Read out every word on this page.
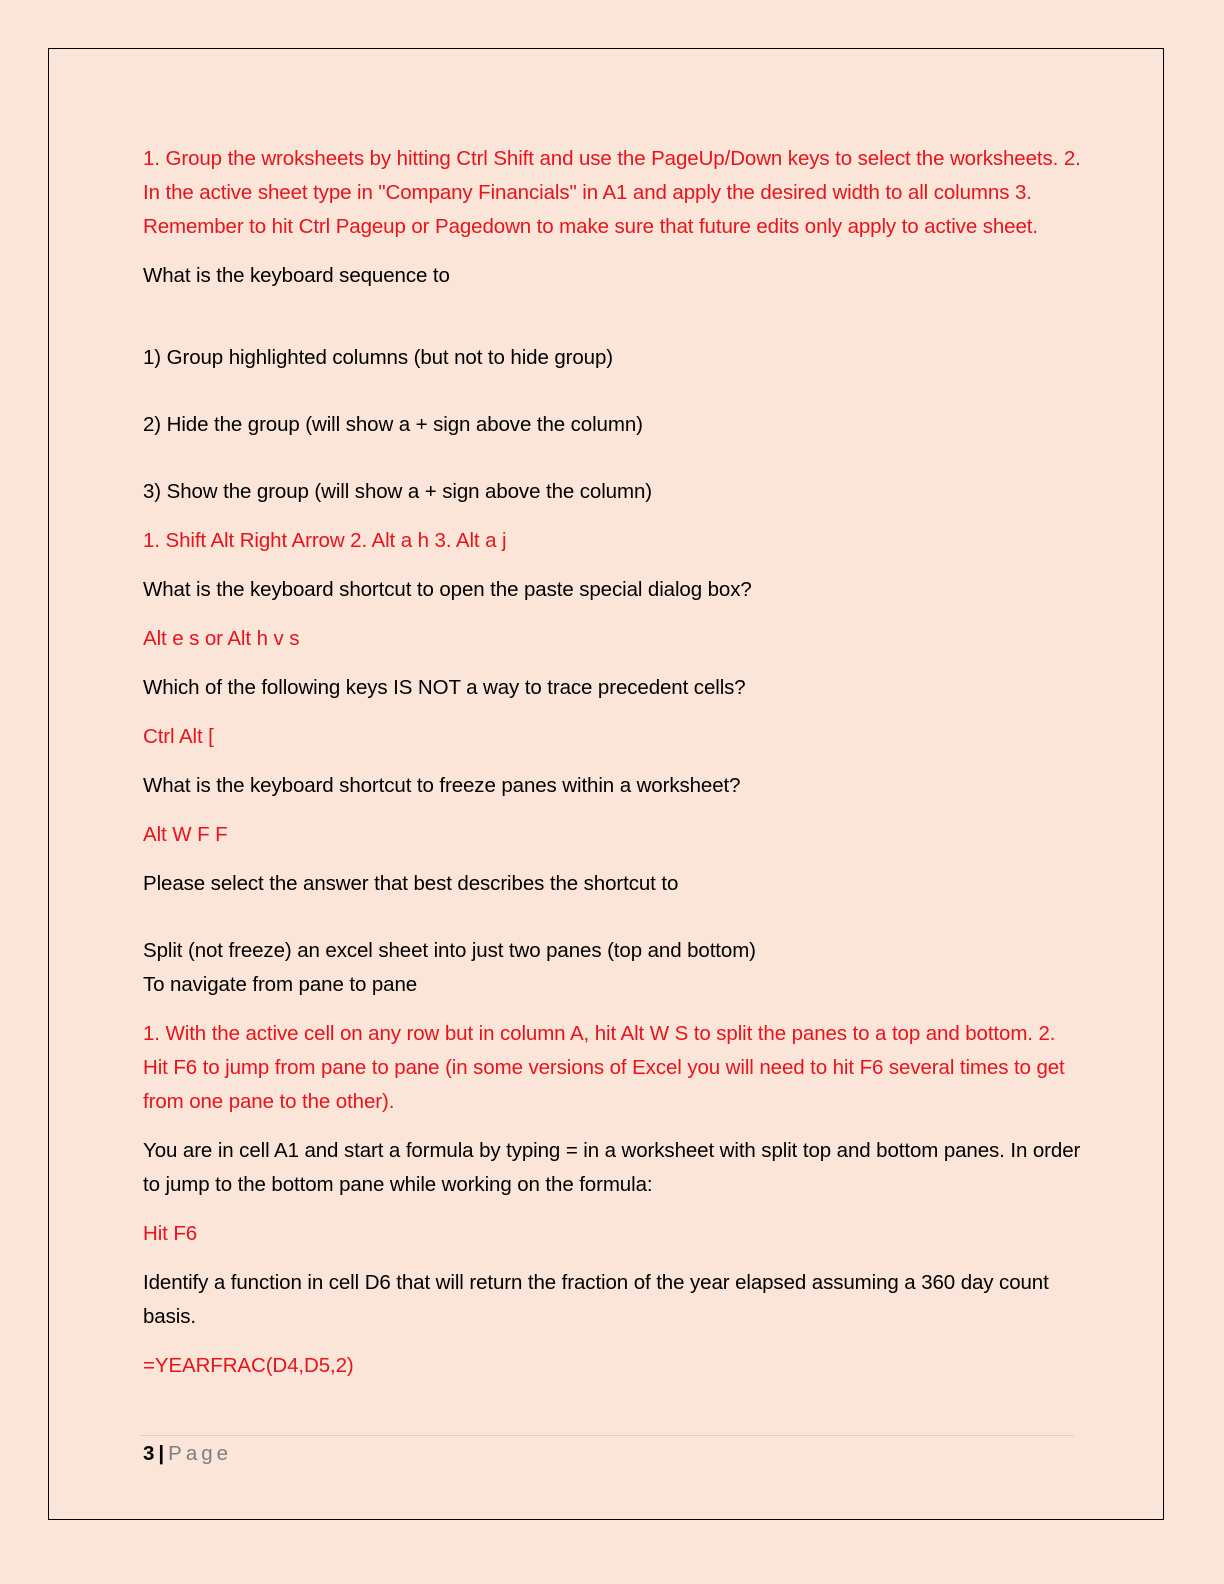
1. Group the wroksheets by hitting Ctrl Shift and use the PageUp/Down keys to select the worksheets. 2. In the active sheet type in "Company Financials" in A1 and apply the desired width to all columns 3. Remember to hit Ctrl Pageup or Pagedown to make sure that future edits only apply to active sheet.

What is the keyboard sequence to

1) Group highlighted columns (but not to hide group)

2) Hide the group (will show a + sign above the column)

3) Show the group (will show a + sign above the column)

1. Shift Alt Right Arrow 2. Alt a h 3. Alt a j

What is the keyboard shortcut to open the paste special dialog box?

Alt e s or Alt h v s

Which of the following keys IS NOT a way to trace precedent cells?

Ctrl Alt [

What is the keyboard shortcut to freeze panes within a worksheet?

Alt W F F

Please select the answer that best describes the shortcut to

Split (not freeze) an excel sheet into just two panes (top and bottom)

To navigate from pane to pane

1. With the active cell on any row but in column A, hit Alt W S to split the panes to a top and bottom. 2. Hit F6 to jump from pane to pane (in some versions of Excel you will need to hit F6 several times to get from one pane to the other).

You are in cell A1 and start a formula by typing = in a worksheet with split top and bottom panes. In order to jump to the bottom pane while working on the formula:

Hit F6

Identify a function in cell D6 that will return the fraction of the year elapsed assuming a 360 day count basis.

=YEARFRAC(D4,D5,2)

3 | Page
